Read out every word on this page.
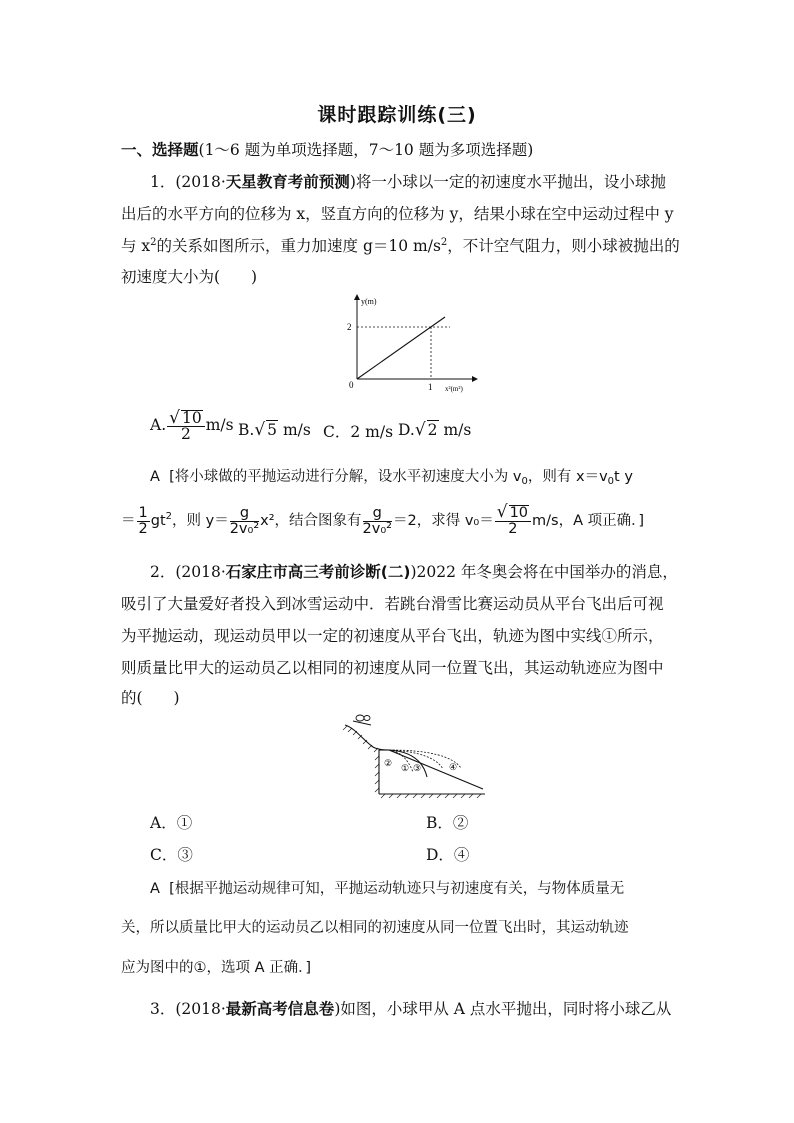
课时跟踪训练(三)
一、选择题(1～6 题为单项选择题，7～10 题为多项选择题)
1．(2018·天星教育考前预测)将一小球以一定的初速度水平抛出，设小球抛
出后的水平方向的位移为 x，竖直方向的位移为 y，结果小球在空中运动过程中 y
与 $x^2$的关系如图所示，重力加速度 g＝10 $m/s^2$，不计空气阻力，则小球被抛出的
初速度大小为(　　)
y(m)
2
0	1 x²(m²)
A. $\frac{√ 10}{2} m/s$ B.√ 5 m/s C．2 m/s D.√ 2 m/s
A [将小球做的平抛运动进行分解，设水平初速度大小为 $v_0$，则有 $x=v_0t$ y
＝ $\frac{1}{2} gt^2$，则 $y= \frac{g}{\text{2v₀²}} x^2$，结合图象有 $\frac{g}{\text{2v₀²}} =2$，求得 $v_0= \frac{√ 10}{2} m/s$，A 项正确．]
2．(2018·石家庄市高三考前诊断(二))2022 年冬奥会将在中国举办的消息，
吸引了大量爱好者投入到冰雪运动中．若跳台滑雪比赛运动员从平台飞出后可视
为平抛运动，现运动员甲以一定的初速度从平台飞出，轨迹为图中实线①所示，
则质量比甲大的运动员乙以相同的初速度从同一位置飞出，其运动轨迹应为图中
的(　　)
② ① ③	④
A．①	B．②
C．③	D．④
A [根据平抛运动规律可知，平抛运动轨迹只与初速度有关，与物体质量无
关，所以质量比甲大的运动员乙以相同的初速度从同一位置飞出时，其运动轨迹
应为图中的①，选项 A 正确．]
3．(2018·最新高考信息卷)如图，小球甲从 A 点水平抛出，同时将小球乙从
